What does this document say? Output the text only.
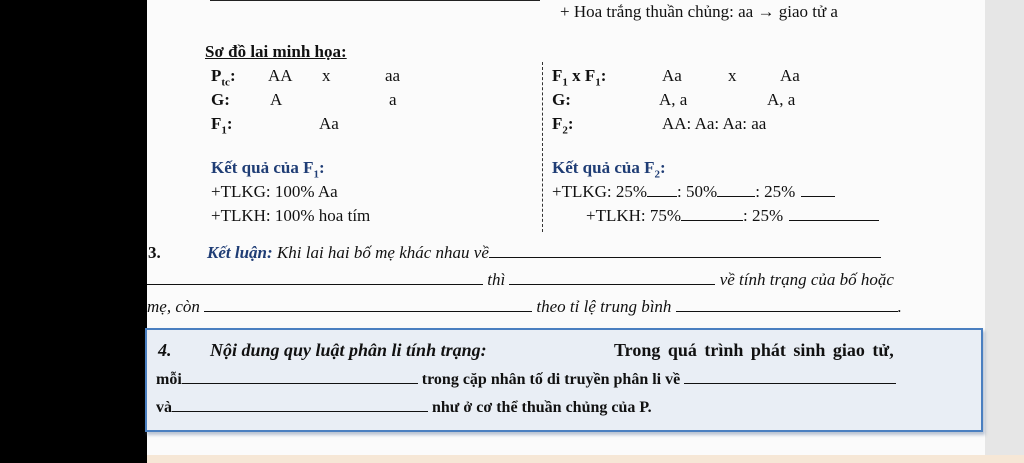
+ Hoa trắng thuần chủng: aa → giao tử a
Sơ đồ lai minh họa:
$P_{tc}$: AA x	aa
G: A	a
$F_1$:	Aa
$F_1$ x $F_1$:	Aa	x	Aa
G:	A, a	A, a
$F_2$:	AA: Aa: Aa: aa
Kết quả của $F_1$:
+TLKG: 100% Aa
+TLKH: 100% hoa tím
Kết quả của $F_2$:
+TLKG: 25% : 50% : 25%
+TLKH: 75%	: 25%
3.	Kết luận: Khi lai hai bố mẹ khác nhau về
thì	về tính trạng của bố hoặc
mẹ, còn	theo tỉ lệ trung bình	.
4. Nội dung quy luật phân li tính trạng:	Trong quá trình phát sinh giao tử,
mỗi	trong cặp nhân tố di truyền phân li về
và	như ở cơ thể thuần chủng của P.
